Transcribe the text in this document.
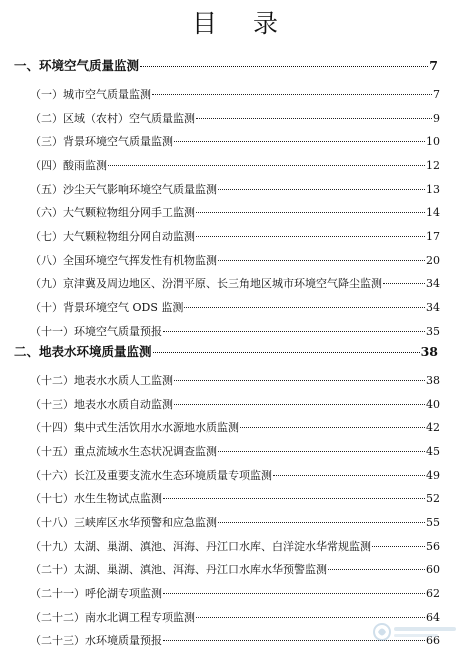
目 录
一、环境空气质量监测	7
（一）城市空气质量监测	7
（二）区域（农村）空气质量监测	9
（三）背景环境空气质量监测	10
（四）酸雨监测	12
（五）沙尘天气影响环境空气质量监测	13
（六）大气颗粒物组分网手工监测	14
（七）大气颗粒物组分网自动监测	17
（八）全国环境空气挥发性有机物监测	20
（九）京津冀及周边地区、汾渭平原、长三角地区城市环境空气降尘监测	34
（十）背景环境空气 ODS 监测	34
（十一）环境空气质量预报	35
二、地表水环境质量监测	38
（十二）地表水水质人工监测	38
（十三）地表水水质自动监测	40
（十四）集中式生活饮用水水源地水质监测	42
（十五）重点流域水生态状况调查监测	45
（十六）长江及重要支流水生态环境质量专项监测	49
（十七）水生生物试点监测	52
（十八）三峡库区水华预警和应急监测	55
（十九）太湖、巢湖、滇池、洱海、丹江口水库、白洋淀水华常规监测	56
（二十）太湖、巢湖、滇池、洱海、丹江口水库水华预警监测	60
（二十一）呼伦湖专项监测	62
（二十二）南水北调工程专项监测	64
（二十三）水环境质量预报	66
